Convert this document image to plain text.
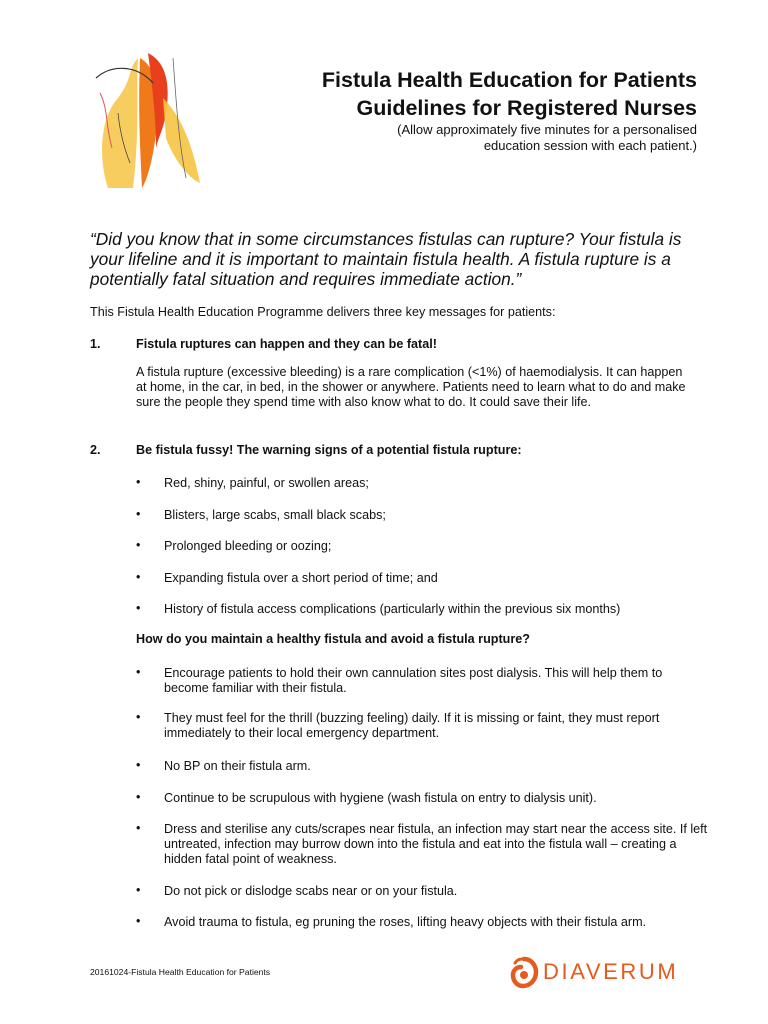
Fistula Health Education for Patients
Guidelines for Registered Nurses
(Allow approximately five minutes for a personalised
education session with each patient.)
“Did you know that in some circumstances fistulas can rupture? Your fistula is your lifeline and it is important to maintain fistula health. A fistula rupture is a potentially fatal situation and requires immediate action.”
This Fistula Health Education Programme delivers three key messages for patients:
1.	Fistula ruptures can happen and they can be fatal!
A fistula rupture (excessive bleeding) is a rare complication (<1%) of haemodialysis. It can happen at home, in the car, in bed, in the shower or anywhere. Patients need to learn what to do and make sure the people they spend time with also know what to do. It could save their life.
2.	Be fistula fussy! The warning signs of a potential fistula rupture:
• Red, shiny, painful, or swollen areas;
• Blisters, large scabs, small black scabs;
• Prolonged bleeding or oozing;
• Expanding fistula over a short period of time; and
• History of fistula access complications (particularly within the previous six months)
How do you maintain a healthy fistula and avoid a fistula rupture?
• Encourage patients to hold their own cannulation sites post dialysis. This will help them to become familiar with their fistula.
• They must feel for the thrill (buzzing feeling) daily. If it is missing or faint, they must report immediately to their local emergency department.
• No BP on their fistula arm.
• Continue to be scrupulous with hygiene (wash fistula on entry to dialysis unit).
• Dress and sterilise any cuts/scrapes near fistula, an infection may start near the access site. If left untreated, infection may burrow down into the fistula and eat into the fistula wall – creating a hidden fatal point of weakness.
• Do not pick or dislodge scabs near or on your fistula.
• Avoid trauma to fistula, eg pruning the roses, lifting heavy objects with their fistula arm.
20161024-Fistula Health Education for Patients	DIAVERUM
